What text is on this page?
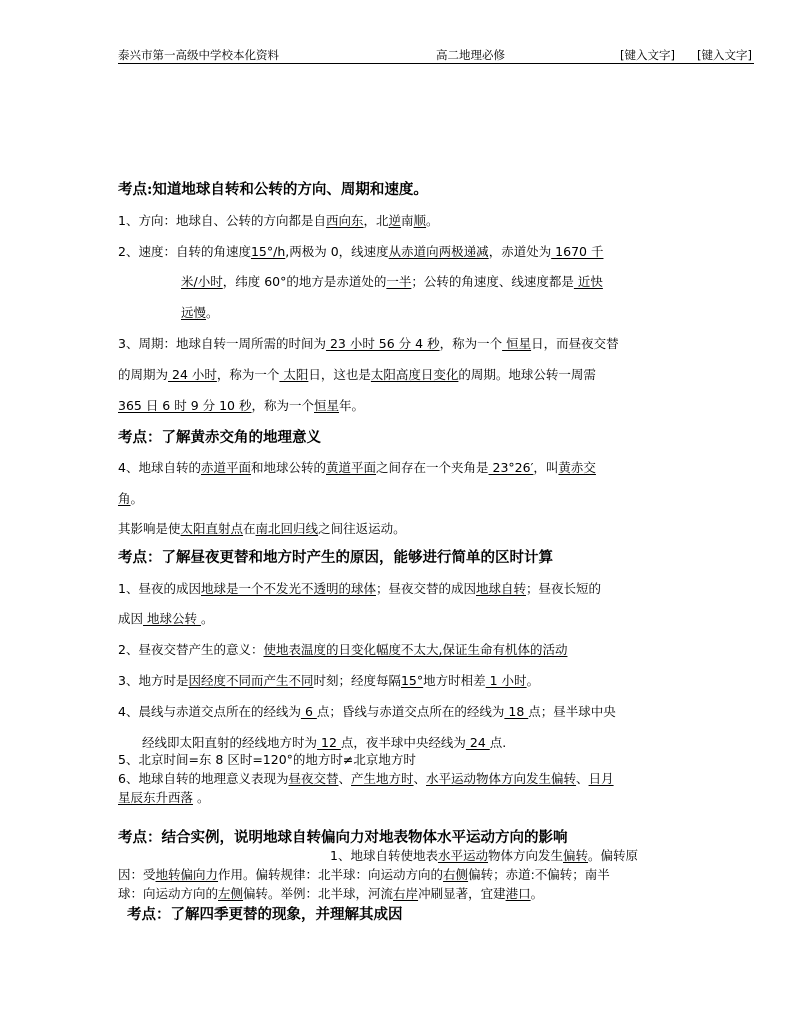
泰兴市第一高级中学校本化资料	高二地理必修	[键入文字] [键入文字]
考点:知道地球自转和公转的方向、周期和速度。
1、方向：地球自、公转的方向都是自西向东，北逆南顺。
2、速度：自转的角速度15°/h,两极为 0，线速度从赤道向两极递减，赤道处为 1670 千
米/小时，纬度 60°的地方是赤道处的一半；公转的角速度、线速度都是 近快
远慢。
3、周期：地球自转一周所需的时间为 23 小时 56 分 4 秒，称为一个 恒星日，而昼夜交替
的周期为 24 小时，称为一个 太阳日，这也是太阳高度日变化的周期。地球公转一周需
365 日 6 时 9 分 10 秒，称为一个恒星年。
考点：了解黄赤交角的地理意义
4、地球自转的赤道平面和地球公转的黄道平面之间存在一个夹角是 23°26′，叫黄赤交
角。
其影响是使太阳直射点在南北回归线之间往返运动。
考点：了解昼夜更替和地方时产生的原因，能够进行简单的区时计算
1、昼夜的成因地球是一个不发光不透明的球体；昼夜交替的成因地球自转；昼夜长短的
成因 地球公转 。
2、昼夜交替产生的意义：使地表温度的日变化幅度不太大,保证生命有机体的活动
3、地方时是因经度不同而产生不同时刻；经度每隔15°地方时相差 1 小时。
4、晨线与赤道交点所在的经线为 6 点；昏线与赤道交点所在的经线为 18 点；昼半球中央
经线即太阳直射的经线地方时为 12 点，夜半球中央经线为 24 点.
5、北京时间=东 8 区时=120°的地方时≠北京地方时
6、地球自转的地理意义表现为昼夜交替、产生地方时、水平运动物体方向发生偏转、日月
星辰东升西落 。
考点：结合实例，说明地球自转偏向力对地表物体水平运动方向的影响
1、地球自转使地表水平运动物体方向发生偏转。偏转原
因：受地转偏向力作用。偏转规律：北半球：向运动方向的右侧偏转；赤道:不偏转；南半
球：向运动方向的左侧偏转。举例：北半球，河流右岸冲刷显著，宜建港口。
考点：了解四季更替的现象，并理解其成因
